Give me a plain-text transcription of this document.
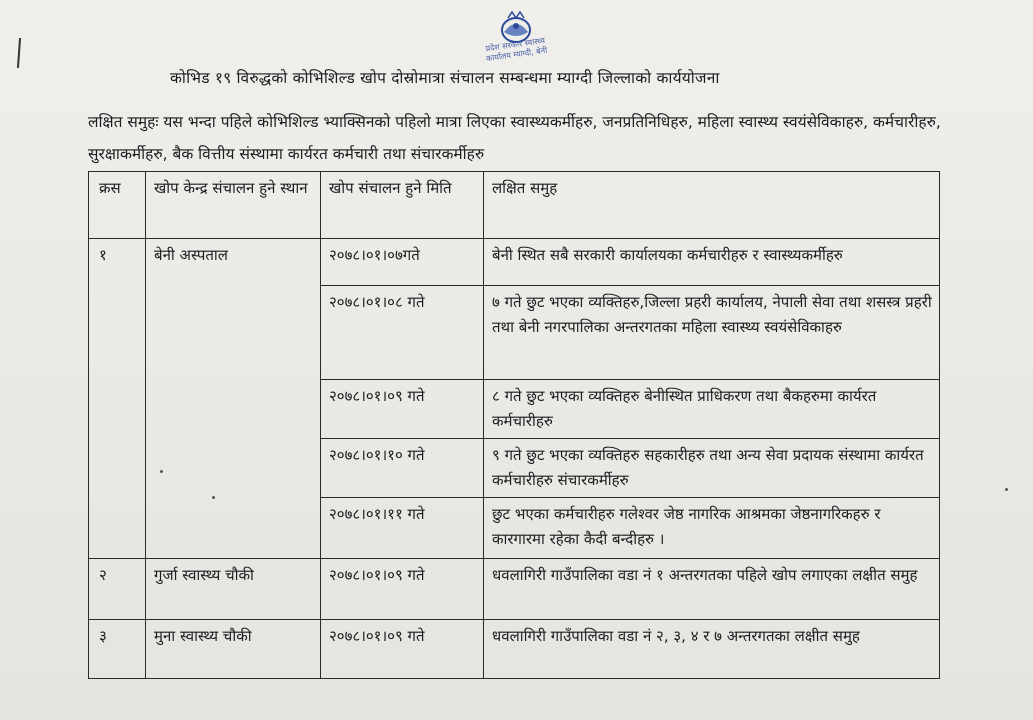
प्रदेश सरकार स्वास्थ्य कार्यालय म्याग्दी, बेनी
कोभिड १९ विरुद्धको कोभिशिल्ड खोप दोस्रोमात्रा संचालन सम्बन्धमा म्याग्दी जिल्लाको कार्ययोजना
लक्षित समुहः यस भन्दा पहिले कोभिशिल्ड भ्याक्सिनको पहिलो मात्रा लिएका स्वास्थ्यकर्मीहरु, जनप्रतिनिधिहरु, महिला स्वास्थ्य स्वयंसेविकाहरु, कर्मचारीहरु, सुरक्षाकर्मीहरु, बैक वित्तीय संस्थामा कार्यरत कर्मचारी तथा संचारकर्मीहरु
क्रस	खोप केन्द्र संचालन हुने स्थान	खोप संचालन हुने मिति	लक्षित समुह
१	बेनी अस्पताल	२०७८।०१।०७गते	बेनी स्थित सबै सरकारी कार्यालयका कर्मचारीहरु र स्वास्थ्यकर्मीहरु
		२०७८।०१।०८ गते	७ गते छुट भएका व्यक्तिहरु,जिल्ला प्रहरी कार्यालय, नेपाली सेवा तथा शसस्त्र प्रहरी तथा बेनी नगरपालिका अन्तरगतका महिला स्वास्थ्य स्वयंसेविकाहरु
		२०७८।०१।०९ गते	८ गते छुट भएका व्यक्तिहरु बेनीस्थित प्राधिकरण तथा बैकहरुमा कार्यरत कर्मचारीहरु
		२०७८।०१।१० गते	९ गते छुट भएका व्यक्तिहरु सहकारीहरु तथा अन्य सेवा प्रदायक संस्थामा कार्यरत कर्मचारीहरु संचारकर्मीहरु
		२०७८।०१।११ गते	छुट भएका कर्मचारीहरु गलेश्वर जेष्ठ नागरिक आश्रमका जेष्ठनागरिकहरु र कारगारमा रहेका कैदी बन्दीहरु ।
२	गुर्जा स्वास्थ्य चौकी	२०७८।०१।०९ गते	धवलागिरी गाउँपालिका वडा नं १ अन्तरगतका पहिले खोप लगाएका लक्षीत समुह
३	मुना स्वास्थ्य चौकी	२०७८।०१।०९ गते	धवलागिरी गाउँपालिका वडा नं २, ३, ४ र ७ अन्तरगतका लक्षीत समुह
